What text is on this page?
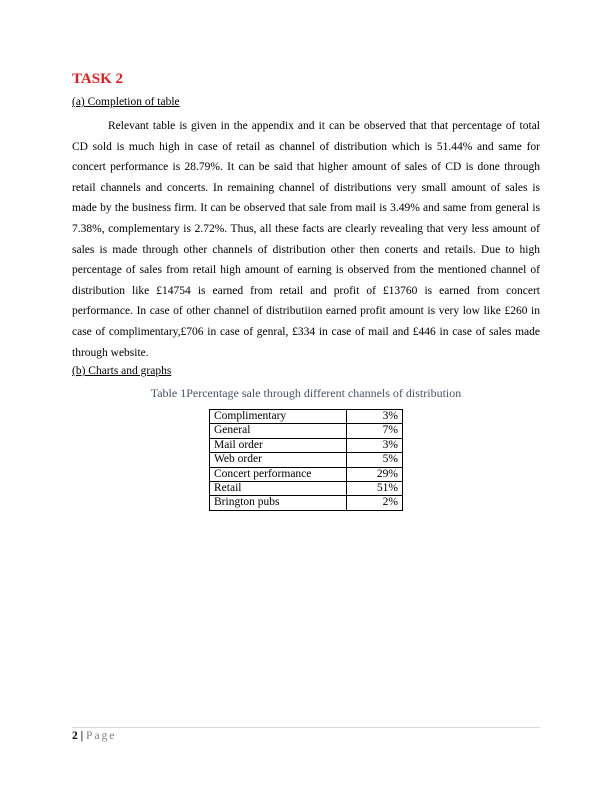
TASK 2

(a) Completion of table

Relevant table is given in the appendix and it can be observed that that percentage of total CD sold is much high in case of retail as channel of distribution which is 51.44% and same for concert performance is 28.79%. It can be said that higher amount of sales of CD is done through retail channels and concerts. In remaining channel of distributions very small amount of sales is made by the business firm. It can be observed that sale from mail is 3.49% and same from general is 7.38%, complementary is 2.72%. Thus, all these facts are clearly revealing that very less amount of sales is made through other channels of distribution other then conerts and retails. Due to high percentage of sales from retail high amount of earning is observed from the mentioned channel of distribution like £14754 is earned from retail and profit of £13760 is earned from concert performance. In case of other channel of distributiion earned profit amount is very low like £260 in case of complimentary,£706 in case of genral, £334 in case of mail and £446 in case of sales made through website.

(b) Charts and graphs

Table 1Percentage sale through different channels of distribution
Complimentary	3%
General	7%
Mail order	3%
Web order	5%
Concert performance	29%
Retail	51%
Brington pubs	2%
2 | Page
